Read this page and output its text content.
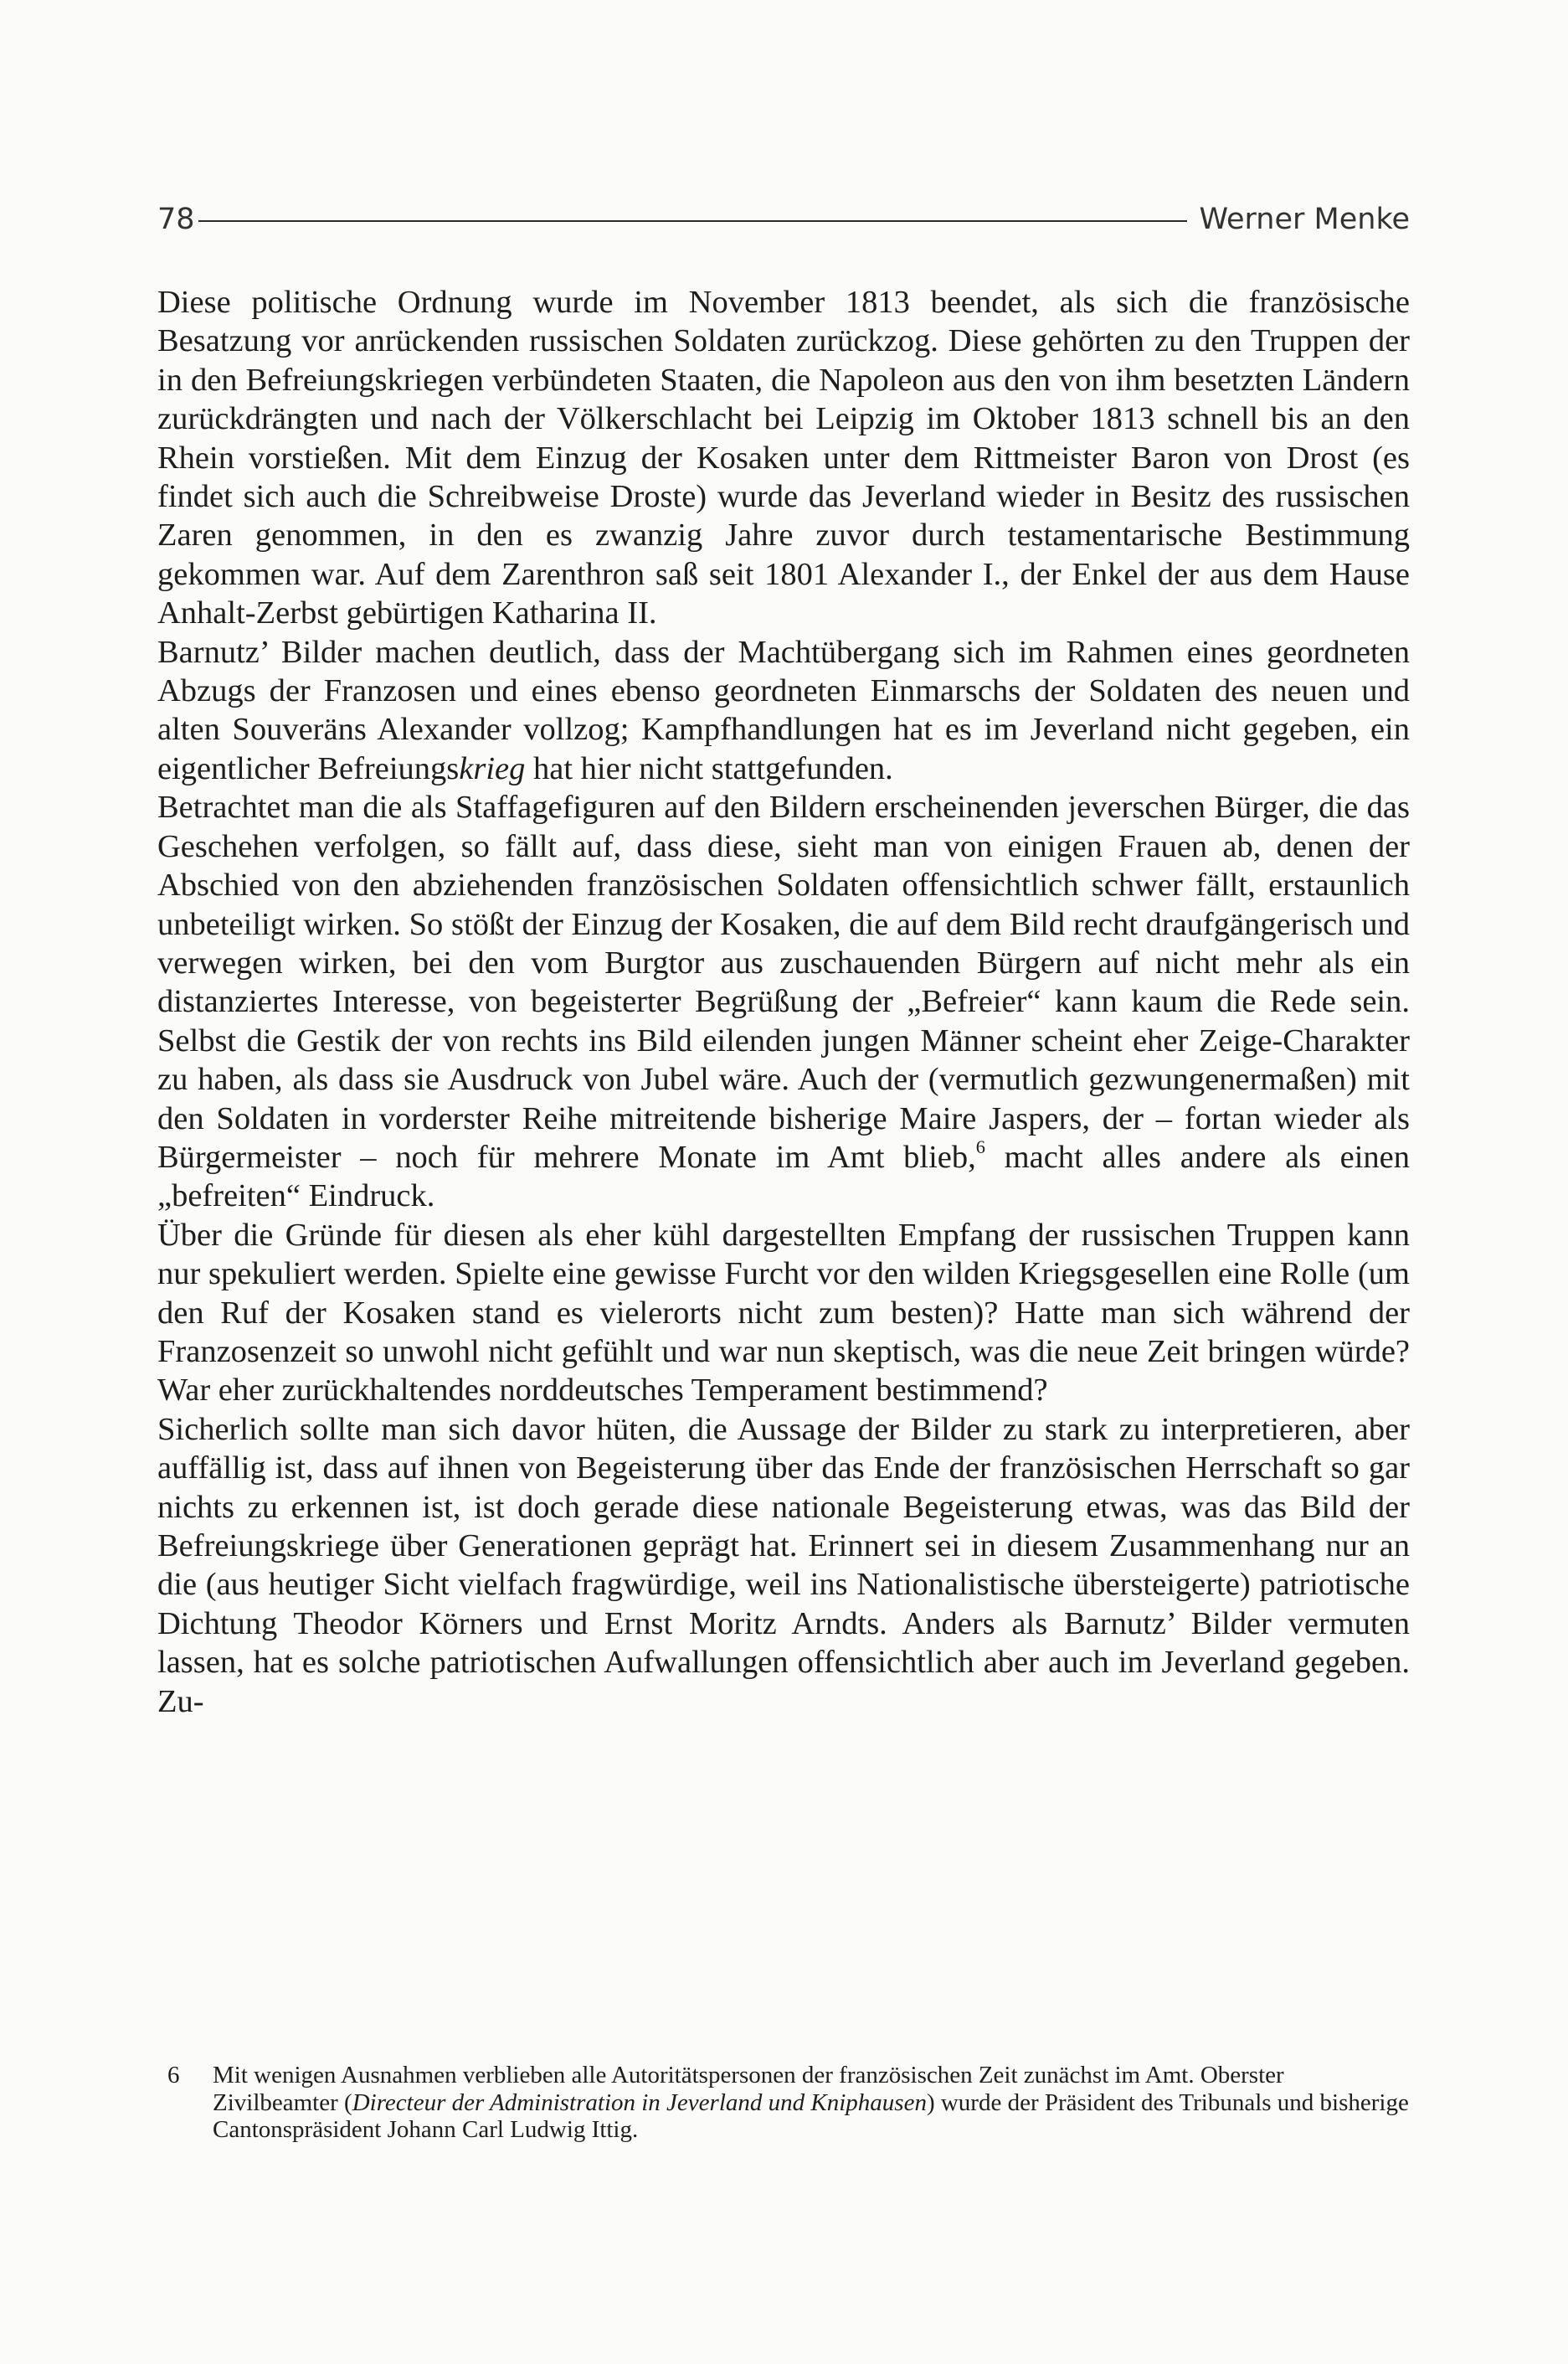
78	Werner Menke

Diese politische Ordnung wurde im November 1813 beendet, als sich die französische Besatzung vor anrückenden russischen Soldaten zurückzog. Diese gehörten zu den Truppen der in den Befreiungskriegen verbündeten Staaten, die Napoleon aus den von ihm besetzten Ländern zurückdrängten und nach der Völkerschlacht bei Leipzig im Oktober 1813 schnell bis an den Rhein vorstießen. Mit dem Einzug der Kosaken unter dem Rittmeister Baron von Drost (es findet sich auch die Schreibweise Droste) wurde das Jeverland wieder in Besitz des russischen Zaren genommen, in den es zwanzig Jahre zuvor durch testamentarische Bestimmung gekommen war. Auf dem Zarenthron saß seit 1801 Alexander I., der Enkel der aus dem Hause Anhalt-Zerbst gebürtigen Katharina II.

Barnutz’ Bilder machen deutlich, dass der Machtübergang sich im Rahmen eines geordneten Abzugs der Franzosen und eines ebenso geordneten Einmarschs der Soldaten des neuen und alten Souveräns Alexander vollzog; Kampfhandlungen hat es im Jeverland nicht gegeben, ein eigentlicher Befreiungskrieg hat hier nicht stattgefunden.

Betrachtet man die als Staffagefiguren auf den Bildern erscheinenden jeverschen Bürger, die das Geschehen verfolgen, so fällt auf, dass diese, sieht man von einigen Frauen ab, denen der Abschied von den abziehenden französischen Soldaten offensichtlich schwer fällt, erstaunlich unbeteiligt wirken. So stößt der Einzug der Kosaken, die auf dem Bild recht draufgängerisch und verwegen wirken, bei den vom Burgtor aus zuschauenden Bürgern auf nicht mehr als ein distanziertes Interesse, von begeisterter Begrüßung der „Befreier“ kann kaum die Rede sein. Selbst die Gestik der von rechts ins Bild eilenden jungen Männer scheint eher Zeige-Charakter zu haben, als dass sie Ausdruck von Jubel wäre. Auch der (vermutlich gezwungenermaßen) mit den Soldaten in vorderster Reihe mitreitende bisherige Maire Jaspers, der – fortan wieder als Bürgermeister – noch für mehrere Monate im Amt blieb,$^6$ macht alles andere als einen „befreiten“ Eindruck.

Über die Gründe für diesen als eher kühl dargestellten Empfang der russischen Truppen kann nur spekuliert werden. Spielte eine gewisse Furcht vor den wilden Kriegsgesellen eine Rolle (um den Ruf der Kosaken stand es vielerorts nicht zum besten)? Hatte man sich während der Franzosenzeit so unwohl nicht gefühlt und war nun skeptisch, was die neue Zeit bringen würde? War eher zurückhaltendes norddeutsches Temperament bestimmend?

Sicherlich sollte man sich davor hüten, die Aussage der Bilder zu stark zu interpretieren, aber auffällig ist, dass auf ihnen von Begeisterung über das Ende der französischen Herrschaft so gar nichts zu erkennen ist, ist doch gerade diese nationale Begeisterung etwas, was das Bild der Befreiungskriege über Generationen geprägt hat. Erinnert sei in diesem Zusammenhang nur an die (aus heutiger Sicht vielfach fragwürdige, weil ins Nationalistische übersteigerte) patriotische Dichtung Theodor Körners und Ernst Moritz Arndts. Anders als Barnutz’ Bilder vermuten lassen, hat es solche patriotischen Aufwallungen offensichtlich aber auch im Jeverland gegeben. Zu-

6	Mit wenigen Ausnahmen verblieben alle Autoritätspersonen der französischen Zeit zunächst im Amt. Oberster Zivilbeamter (Directeur der Administration in Jeverland und Kniphausen) wurde der Präsident des Tribunals und bisherige Cantonspräsident Johann Carl Ludwig Ittig.
